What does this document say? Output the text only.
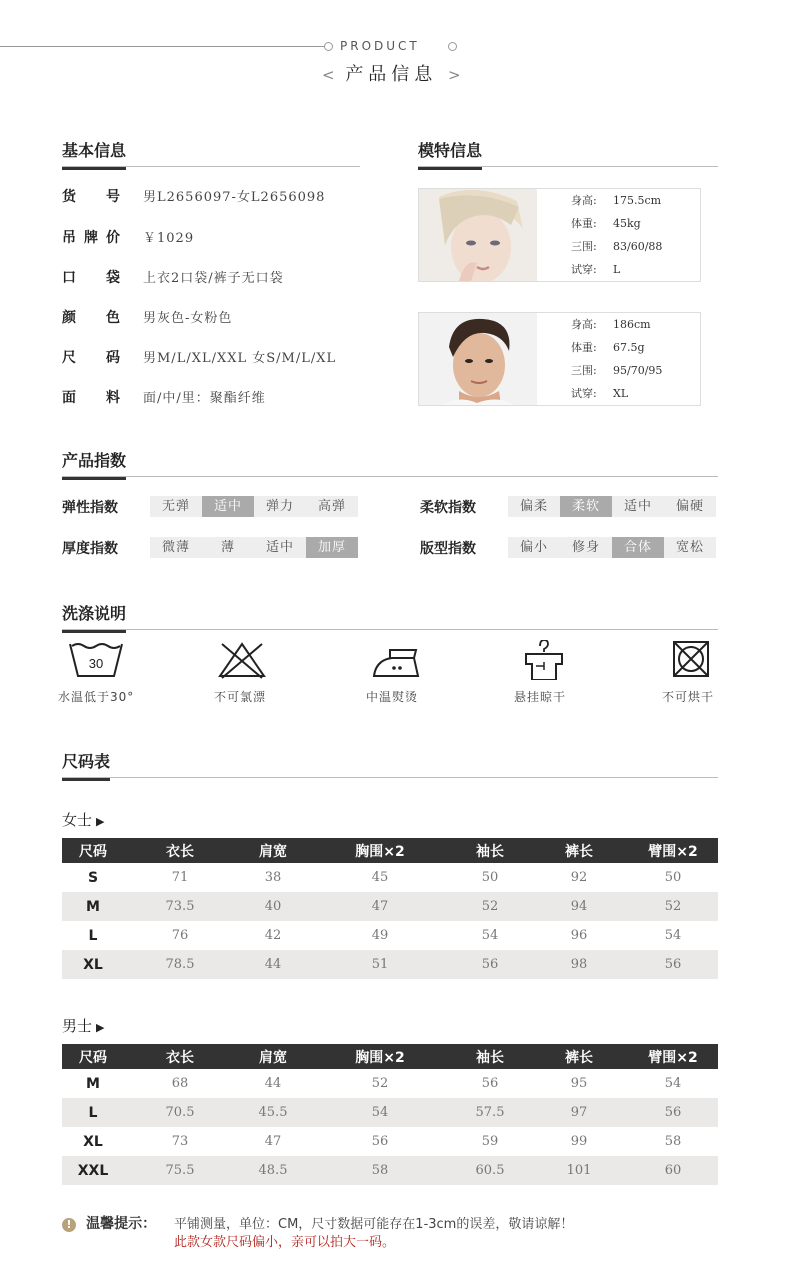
PRODUCT
< 产品信息 >
基本信息
货号 男L2656097-女L2656098
吊牌价 ￥1029
口袋 上衣2口袋/裤子无口袋
颜色 男灰色-女粉色
尺码 男M/L/XL/XXL 女S/M/L/XL
面料 面/中/里：聚酯纤维
模特信息
身高: 175.5cm
体重: 45kg
三围: 83/60/88
试穿: L
身高: 186cm
体重: 67.5g
三围: 95/70/95
试穿: XL
产品指数
弹性指数	无弹	适中	弹力	高弹	柔软指数	偏柔	柔软	适中	偏硬
厚度指数	微薄	薄	适中	加厚	版型指数	偏小	修身	合体	宽松
洗涤说明
30
水温低于30°	不可氯漂	中温熨烫	悬挂晾干	不可烘干
尺码表
女士 ▶
尺码	衣长	肩宽	胸围×2	袖长	裤长	臂围×2
S	71	38	45	50	92	50
M	73.5	40	47	52	94	52
L	76	42	49	54	96	54
XL	78.5	44	51	56	98	56
男士 ▶
尺码	衣长	肩宽	胸围×2	袖长	裤长	臂围×2
M	68	44	52	56	95	54
L	70.5	45.5	54	57.5	97	56
XL	73	47	56	59	99	58
XXL	75.5	48.5	58	60.5	101	60
! 温馨提示： 平铺测量，单位：CM，尺寸数据可能存在1-3cm的误差，敬请谅解！
此款女款尺码偏小，亲可以拍大一码。
